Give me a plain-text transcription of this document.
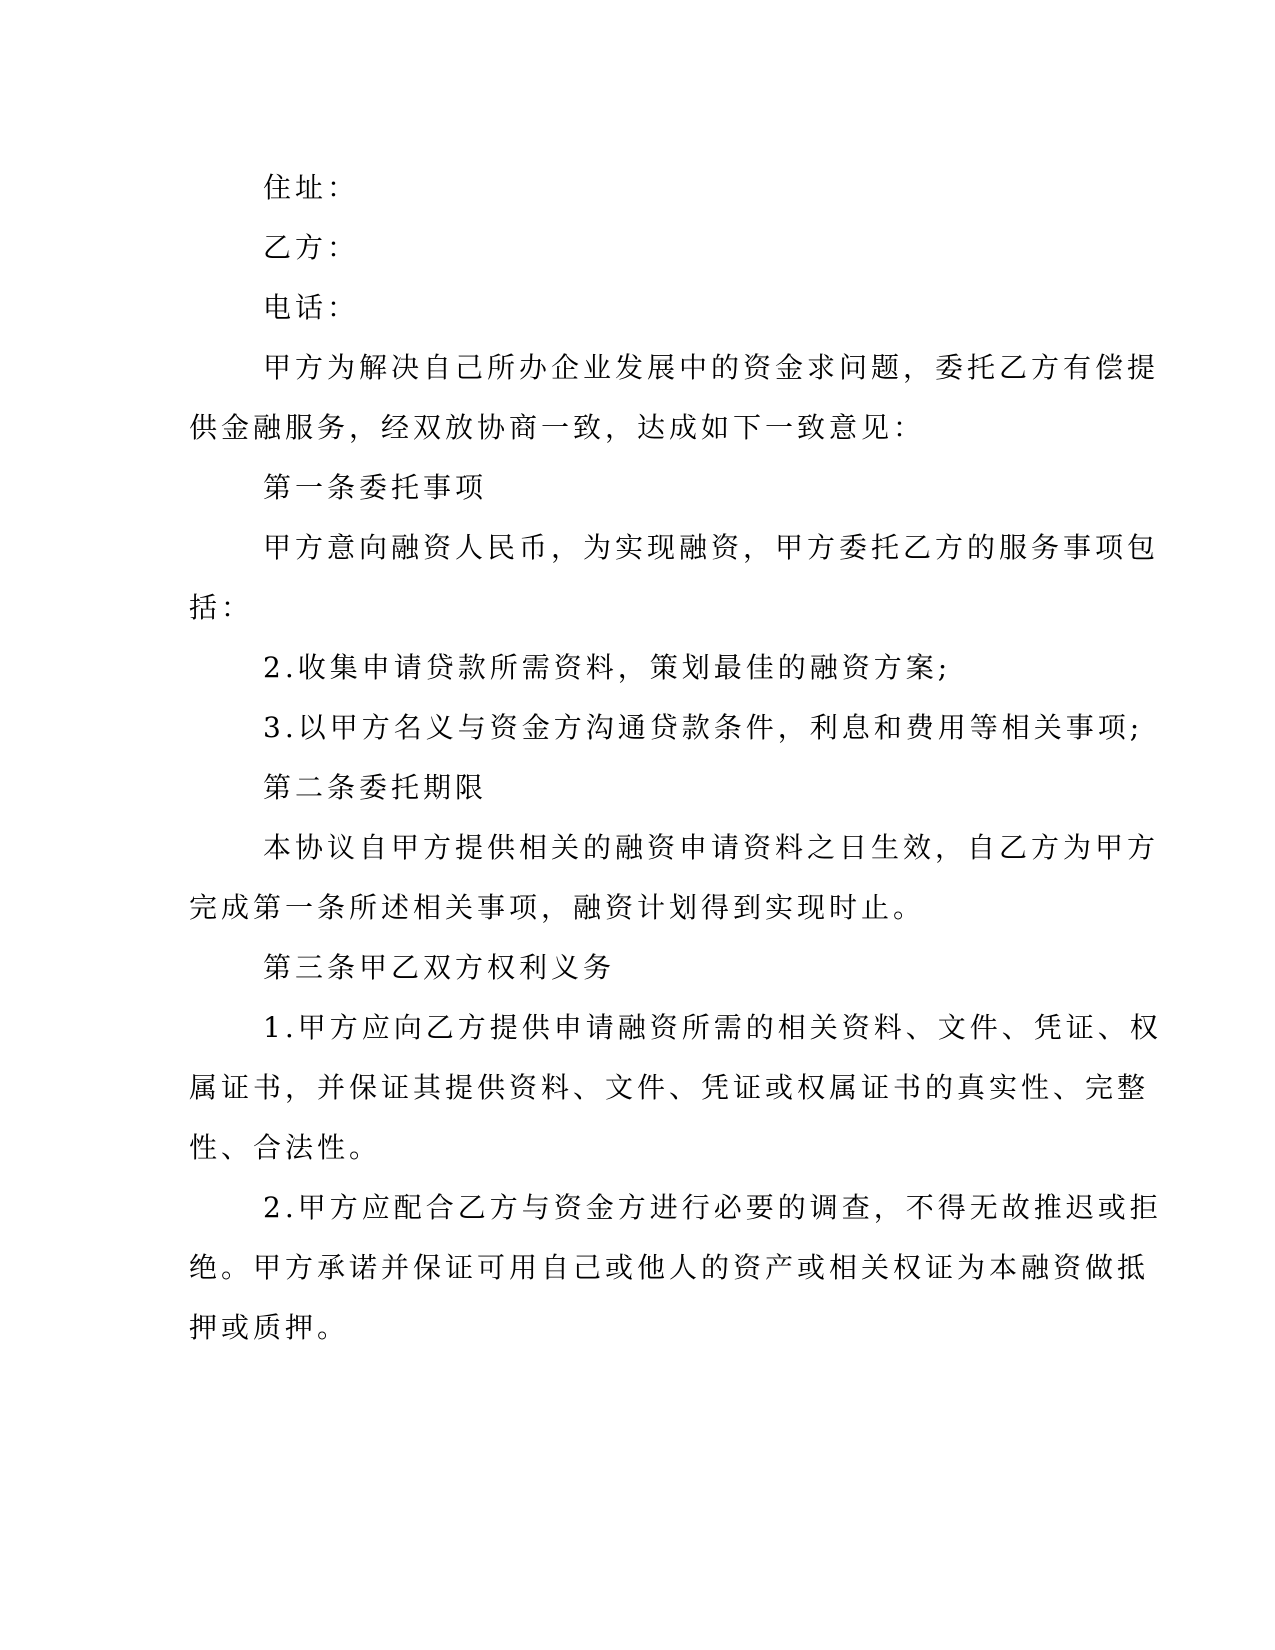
住址：
乙方：
电话：
甲方为解决自己所办企业发展中的资金求问题，委托乙方有偿提
供金融服务，经双放协商一致，达成如下一致意见：
第一条委托事项
甲方意向融资人民币，为实现融资，甲方委托乙方的服务事项包
括：
2.收集申请贷款所需资料，策划最佳的融资方案;
3.以甲方名义与资金方沟通贷款条件，利息和费用等相关事项;
第二条委托期限
本协议自甲方提供相关的融资申请资料之日生效，自乙方为甲方
完成第一条所述相关事项，融资计划得到实现时止。
第三条甲乙双方权利义务
1.甲方应向乙方提供申请融资所需的相关资料、文件、凭证、权
属证书，并保证其提供资料、文件、凭证或权属证书的真实性、完整
性、合法性。
2.甲方应配合乙方与资金方进行必要的调查，不得无故推迟或拒
绝。甲方承诺并保证可用自己或他人的资产或相关权证为本融资做抵
押或质押。
